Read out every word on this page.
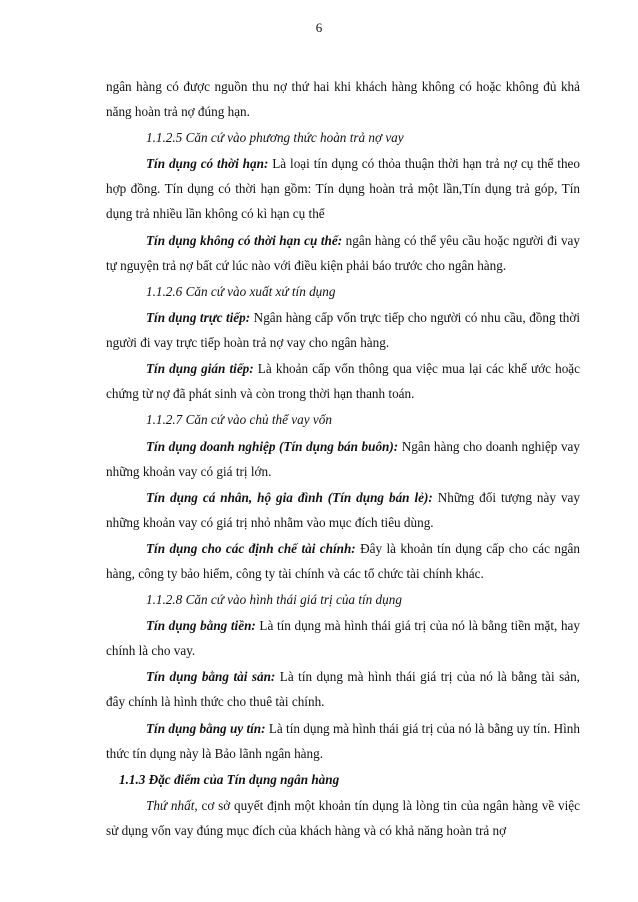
6

ngân hàng có được nguồn thu nợ thứ hai khi khách hàng không có hoặc không đủ khả năng hoàn trả nợ đúng hạn.

1.1.2.5 Căn cứ vào phương thức hoàn trả nợ vay

Tín dụng có thời hạn: Là loại tín dụng có thỏa thuận thời hạn trả nợ cụ thể theo hợp đồng. Tín dụng có thời hạn gồm: Tín dụng hoàn trả một lần,Tín dụng trả góp, Tín dụng trả nhiều lần không có kì hạn cụ thể

Tín dụng không có thời hạn cụ thể: ngân hàng có thể yêu cầu hoặc người đi vay tự nguyện trả nợ bất cứ lúc nào với điều kiện phải báo trước cho ngân hàng.

1.1.2.6 Căn cứ vào xuất xứ tín dụng

Tín dụng trực tiếp: Ngân hàng cấp vốn trực tiếp cho người có nhu cầu, đồng thời người đi vay trực tiếp hoàn trả nợ vay cho ngân hàng.

Tín dụng gián tiếp: Là khoản cấp vốn thông qua việc mua lại các khế ước hoặc chứng từ nợ đã phát sinh và còn trong thời hạn thanh toán.

1.1.2.7 Căn cứ vào chủ thể vay vốn

Tín dụng doanh nghiệp (Tín dụng bán buôn): Ngân hàng cho doanh nghiệp vay những khoản vay có giá trị lớn.

Tín dụng cá nhân, hộ gia đình (Tín dụng bán lẻ): Những đối tượng này vay những khoản vay có giá trị nhỏ nhằm vào mục đích tiêu dùng.

Tín dụng cho các định chế tài chính: Đây là khoản tín dụng cấp cho các ngân hàng, công ty bảo hiểm, công ty tài chính và các tổ chức tài chính khác.

1.1.2.8 Căn cứ vào hình thái giá trị của tín dụng

Tín dụng bằng tiền: Là tín dụng mà hình thái giá trị của nó là bằng tiền mặt, hay chính là cho vay.

Tín dụng bằng tài sản: Là tín dụng mà hình thái giá trị của nó là bằng tài sản, đây chính là hình thức cho thuê tài chính.

Tín dụng bằng uy tín: Là tín dụng mà hình thái giá trị của nó là bằng uy tín. Hình thức tín dụng này là Bảo lãnh ngân hàng.

1.1.3 Đặc điểm của Tín dụng ngân hàng

Thứ nhất, cơ sở quyết định một khoản tín dụng là lòng tin của ngân hàng về việc sử dụng vốn vay đúng mục đích của khách hàng và có khả năng hoàn trả nợ
